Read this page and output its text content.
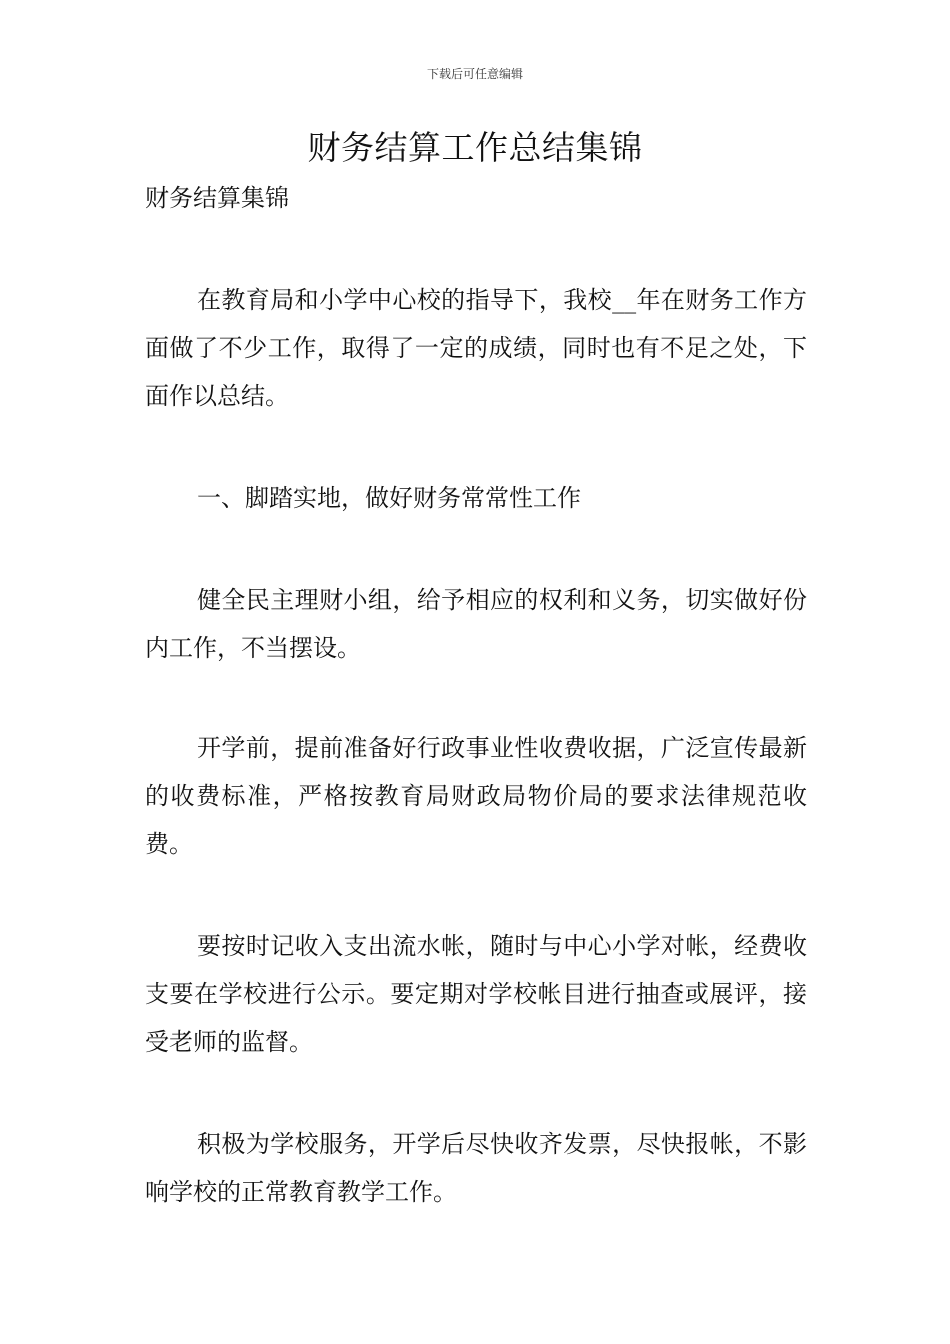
下载后可任意编辑
财务结算工作总结集锦
财务结算集锦

在教育局和小学中心校的指导下，我校__年在财务工作方面做了不少工作，取得了一定的成绩，同时也有不足之处，下面作以总结。

一、脚踏实地，做好财务常常性工作

健全民主理财小组，给予相应的权利和义务，切实做好份内工作，不当摆设。

开学前，提前准备好行政事业性收费收据，广泛宣传最新的收费标准，严格按教育局财政局物价局的要求法律规范收费。

要按时记收入支出流水帐，随时与中心小学对帐，经费收支要在学校进行公示。要定期对学校帐目进行抽查或展评，接受老师的监督。

积极为学校服务，开学后尽快收齐发票，尽快报帐，不影响学校的正常教育教学工作。
